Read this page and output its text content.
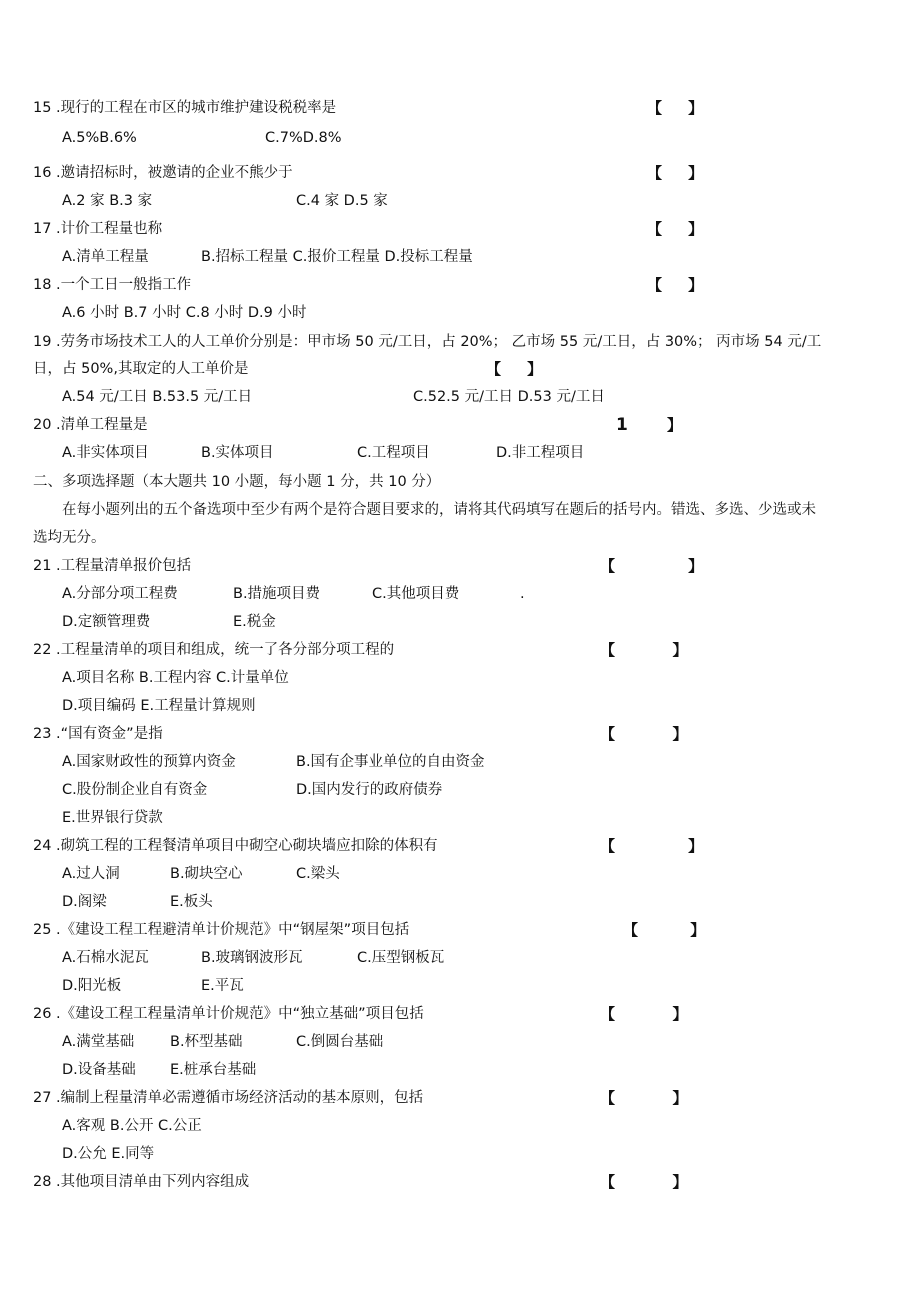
15 .现行的工程在市区的城市维护建设税税率是	【     】
A.5%B.6%	C.7%D.8%
16 .邀请招标时，被邀请的企业不熊少于	【     】
A.2 家 B.3 家	C.4 家 D.5 家
17 .计价工程量也称	【     】
A.清单工程量	B.招标工程量 C.报价工程量 D.投标工程量
18 .一个工日一般指工作	【     】
A.6 小时 B.7 小时 C.8 小时 D.9 小时
19 .劳务市场技术工人的人工单价分别是：甲市场 50 元/工日，占 20%； 乙市场 55 元/工日，占 30%； 丙市场 54 元/工
日，占 50%,其取定的人工单价是	【     】
A.54 元/工日 B.53.5 元/工日	C.52.5 元/工日 D.53 元/工日
20 .清单工程量是	1	】
A.非实体项目	B.实体项目	C.工程项目	D.非工程项目
二、多项选择题（本大题共 10 小题，每小题 1 分，共 10 分）
在每小题列出的五个备选项中至少有两个是符合题目要求的，请将其代码填写在题后的括号内。错选、多选、少选或未
选均无分。
21 .工程量清单报价包括	【              】
A.分部分项工程费	B.措施项目费	C.其他项目费	.
D.定额管理费	E.税金
22 .工程量清单的项目和组成，统一了各分部分项工程的	【           】
A.项目名称 B.工程内容 C.计量单位
D.项目编码 E.工程量计算规则
23 .“国有资金”是指	【           】
A.国家财政性的预算内资金	B.国有企事业单位的自由资金
C.股份制企业自有资金	D.国内发行的政府债券
E.世界银行贷款
24 .砌筑工程的工程餐清单项目中砌空心砌块墙应扣除的体积有	【              】
A.过人洞	B.砌块空心	C.梁头
D.阁梁	E.板头
25 .《建设工程工程避清单计价规范》中“钢屋架”项目包括	【          】
A.石棉水泥瓦	B.玻璃钢波形瓦	C.压型钢板瓦
D.阳光板	E.平瓦
26 .《建设工程工程量清单计价规范》中“独立基础”项目包括	【           】
A.满堂基础 B.杯型基础	C.倒圆台基础
D.设备基础 E.桩承台基础
27 .编制上程量清单必需遵循市场经济活动的基本原则，包括	【           】
A.客观 B.公开 C.公正
D.公允 E.同等
28 .其他项目清单由下列内容组成	【           】
